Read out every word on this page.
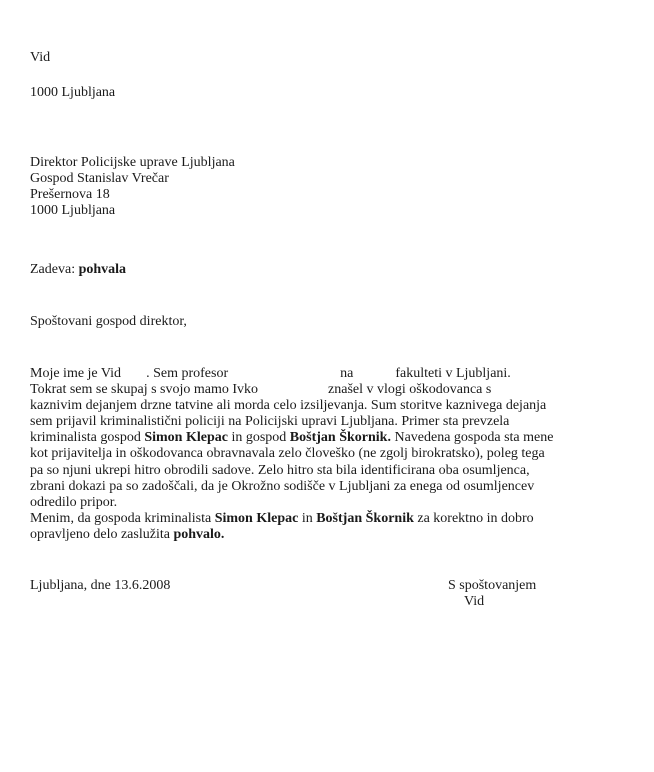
Vid
1000 Ljubljana
Direktor Policijske uprave Ljubljana
Gospod Stanislav Vrečar
Prešernova 18
1000 Ljubljana
Zadeva: pohvala
Spoštovani gospod direktor,
Moje ime je Vid . Sem profesor	na	fakulteti v Ljubljani.
Tokrat sem se skupaj s svojo mamo Ivko	znašel v vlogi oškodovanca s
kaznivim dejanjem drzne tatvine ali morda celo izsiljevanja. Sum storitve kaznivega dejanja
sem prijavil kriminalistični policiji na Policijski upravi Ljubljana. Primer sta prevzela
kriminalista gospod Simon Klepac in gospod Boštjan Škornik. Navedena gospoda sta mene
kot prijavitelja in oškodovanca obravnavala zelo človeško (ne zgolj birokratsko), poleg tega
pa so njuni ukrepi hitro obrodili sadove. Zelo hitro sta bila identificirana oba osumljenca,
zbrani dokazi pa so zadoščali, da je Okrožno sodišče v Ljubljani za enega od osumljencev
odredilo pripor.
Menim, da gospoda kriminalista Simon Klepac in Boštjan Škornik za korektno in dobro
opravljeno delo zaslužita pohvalo.
Ljubljana, dne 13.6.2008	S spoštovanjem
Vid
